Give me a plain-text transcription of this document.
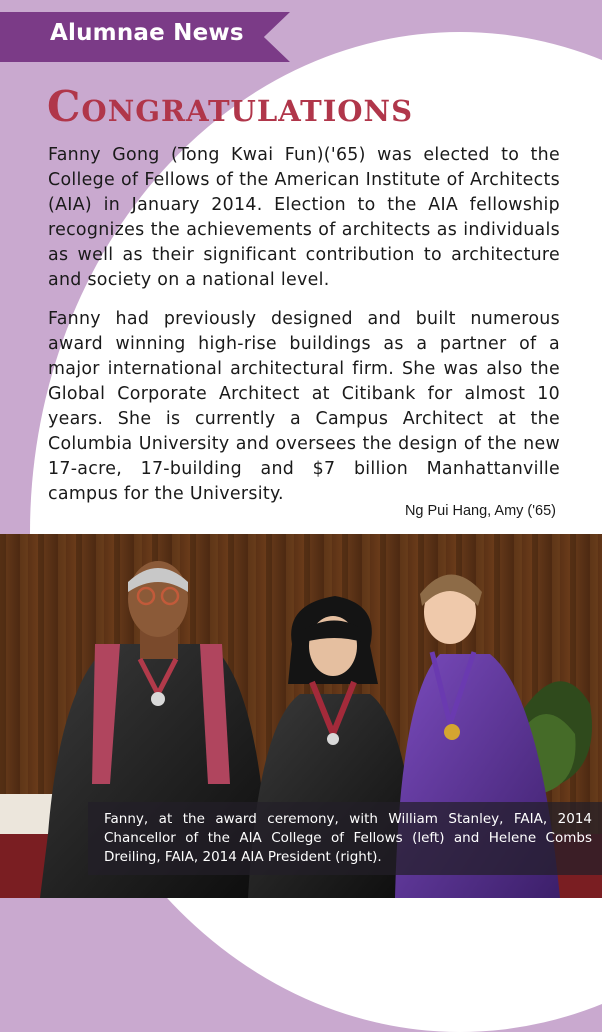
Alumnae News
Congratulations

Fanny Gong (Tong Kwai Fun)('65) was elected to the College of Fellows of the American Institute of Architects (AIA) in January 2014. Election to the AIA fellowship recognizes the achievements of architects as individuals as well as their significant contribution to architecture and society on a national level.

Fanny had previously designed and built numerous award winning high-rise buildings as a partner of a major international architectural firm. She was also the Global Corporate Architect at Citibank for almost 10 years. She is currently a Campus Architect at the Columbia University and oversees the design of the new 17-acre, 17-building and $7 billion Manhattanville campus for the University.

Ng Pui Hang, Amy ('65)

Fanny, at the award ceremony, with William Stanley, FAIA, 2014 Chancellor of the AIA College of Fellows (left) and Helene Combs Dreiling, FAIA, 2014 AIA President (right).
